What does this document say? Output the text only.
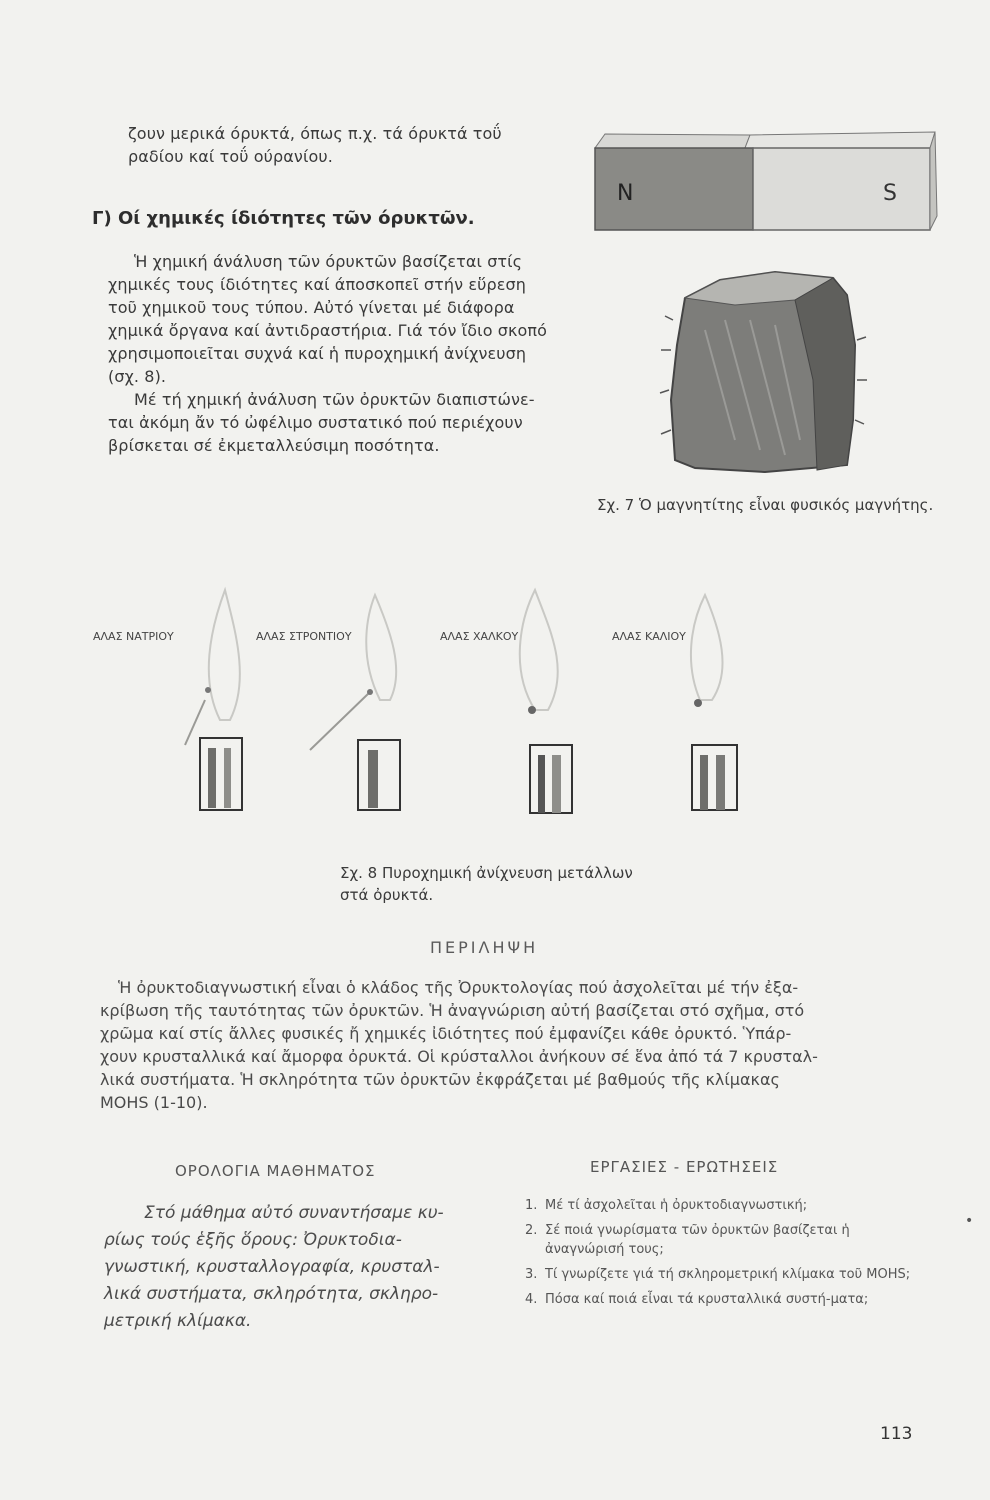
ζουν μερικά όρυκτά, όπως π.χ. τά όρυκτά τοΰ
ραδίου καί τοΰ ούρανίου.
Γ) Οί χημικές ίδιότητες τῶν όρυκτῶν.
Ἡ χημική άνάλυση τῶν όρυκτῶν βασίζεται στίς
χημικές τους ίδιότητες καί άποσκοπεῖ στήν εὕρεση
τοῦ χημικοῦ τους τύπου. Αὐτό γίνεται μέ διάφορα
χημικά ὄργανα καί ἀντιδραστήρια. Γιά τόν ἴδιο σκοπό
χρησιμοποιεῖται συχνά καί ἡ πυροχημική ἀνίχνευση
(σχ. 8).
Μέ τή χημική ἀνάλυση τῶν ὀρυκτῶν διαπιστώνε-
ται ἀκόμη ἄν τό ὠφέλιμο συστατικό πού περιέχουν
βρίσκεται σέ ἐκμεταλλεύσιμη ποσότητα.
N	S
Σχ. 7 Ὁ μαγνητίτης εἶναι φυσικός μαγνήτης.
ΑΛΑΣ ΝΑΤΡΙΟΥ	ΑΛΑΣ ΣΤΡΟΝΤΙΟΥ	ΑΛΑΣ ΧΑΛΚΟΥ	ΑΛΑΣ ΚΑΛΙΟΥ
Σχ. 8 Πυροχημική ἀνίχνευση μετάλλων
στά ὀρυκτά.
ΠΕΡΙΛΗΨΗ
Ἡ ὀρυκτοδιαγνωστική εἶναι ὁ κλάδος τῆς Ὀρυκτολογίας πού ἀσχολεῖται μέ τήν ἐξα-
κρίβωση τῆς ταυτότητας τῶν ὀρυκτῶν. Ἡ ἀναγνώριση αὐτή βασίζεται στό σχῆμα, στό
χρῶμα καί στίς ἄλλες φυσικές ἤ χημικές ἰδιότητες πού ἐμφανίζει κάθε ὀρυκτό. Ὑπάρ-
χουν κρυσταλλικά καί ἄμορφα ὀρυκτά. Οἱ κρύσταλλοι ἀνήκουν σέ ἕνα ἀπό τά 7 κρυσταλ-
λικά συστήματα. Ἡ σκληρότητα τῶν ὀρυκτῶν ἐκφράζεται μέ βαθμούς τῆς κλίμακας
MOHS (1-10).
ΟΡΟΛΟΓΙΑ ΜΑΘΗΜΑΤΟΣ
Στό μάθημα αὐτό συναντήσαμε κυ-
ρίως τούς ἑξῆς ὅρους: Ὀρυκτοδια-
γνωστική, κρυσταλλογραφία, κρυσταλ-
λικά συστήματα, σκληρότητα, σκληρο-
μετρική κλίμακα.
ΕΡΓΑΣΙΕΣ - ΕΡΩΤΗΣΕΙΣ
1. Μέ τί ἀσχολεῖται ἡ ὀρυκτοδιαγνωστική;
2. Σέ ποιά γνωρίσματα τῶν ὀρυκτῶν βασίζεται ἡ ἀναγνώρισή τους;
3. Τί γνωρίζετε γιά τή σκληρομετρική κλίμακα τοῦ MOHS;
4. Πόσα καί ποιά εἶναι τά κρυσταλλικά συστή-ματα;
•
113
